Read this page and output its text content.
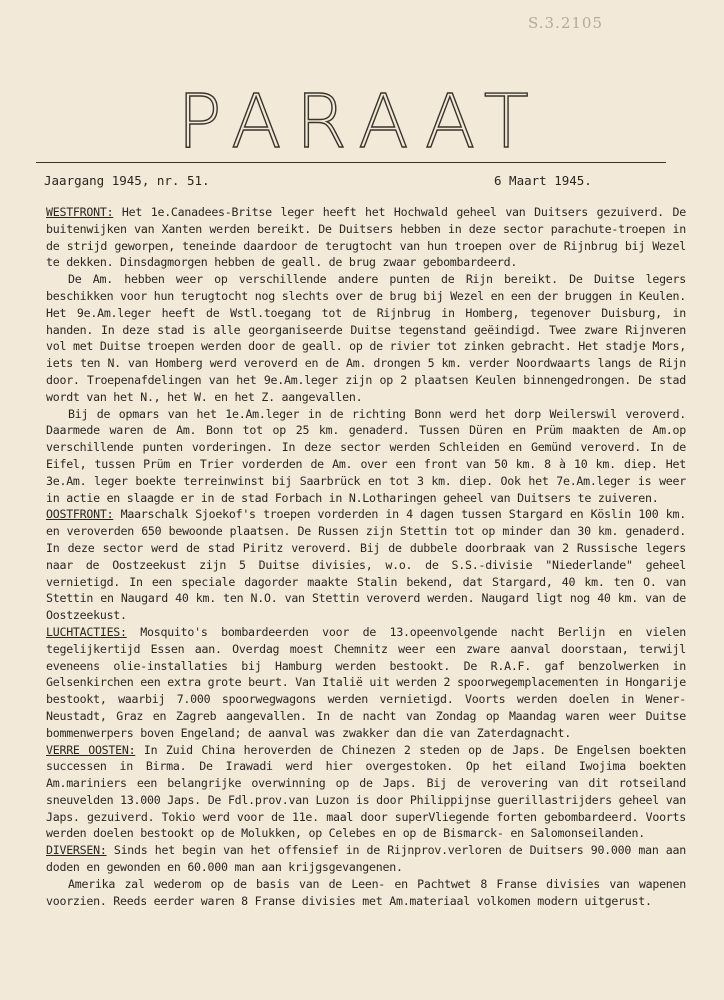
S.3.2105
PARAAT
Jaargang 1945, nr. 51.	6 Maart 1945.

WESTFRONT: Het 1e.Canadees-Britse leger heeft het Hochwald geheel van Duitsers gezuiverd. De buitenwijken van Xanten werden bereikt. De Duitsers hebben in deze sector parachute-troepen in de strijd geworpen, teneinde daardoor de terugtocht van hun troepen over de Rijnbrug bij Wezel te dekken. Dinsdagmorgen hebben de geall. de brug zwaar gebombardeerd.

De Am. hebben weer op verschillende andere punten de Rijn bereikt. De Duitse legers beschikken voor hun terugtocht nog slechts over de brug bij Wezel en een der bruggen in Keulen. Het 9e.Am.leger heeft de Wstl.toegang tot de Rijnbrug in Homberg, tegenover Duisburg, in handen. In deze stad is alle georganiseerde Duitse tegenstand geëindigd. Twee zware Rijnveren vol met Duitse troepen werden door de geall. op de rivier tot zinken gebracht. Het stadje Mors, iets ten N. van Homberg werd veroverd en de Am. drongen 5 km. verder Noordwaarts langs de Rijn door. Troepenafdelingen van het 9e.Am.leger zijn op 2 plaatsen Keulen binnengedrongen. De stad wordt van het N., het W. en het Z. aangevallen.

Bij de opmars van het 1e.Am.leger in de richting Bonn werd het dorp Weilerswil veroverd. Daarmede waren de Am. Bonn tot op 25 km. genaderd. Tussen Düren en Prüm maakten de Am.op verschillende punten vorderingen. In deze sector werden Schleiden en Gemünd veroverd. In de Eifel, tussen Prüm en Trier vorderden de Am. over een front van 50 km. 8 à 10 km. diep. Het 3e.Am. leger boekte terreinwinst bij Saarbrück en tot 3 km. diep. Ook het 7e.Am.leger is weer in actie en slaagde er in de stad Forbach in N.Lotharingen geheel van Duitsers te zuiveren.

OOSTFRONT: Maarschalk Sjoekof's troepen vorderden in 4 dagen tussen Stargard en Köslin 100 km. en veroverden 650 bewoonde plaatsen. De Russen zijn Stettin tot op minder dan 30 km. genaderd. In deze sector werd de stad Piritz veroverd. Bij de dubbele doorbraak van 2 Russische legers naar de Oostzeekust zijn 5 Duitse divisies, w.o. de S.S.-divisie "Niederlande" geheel vernietigd. In een speciale dagorder maakte Stalin bekend, dat Stargard, 40 km. ten O. van Stettin en Naugard 40 km. ten N.O. van Stettin veroverd werden. Naugard ligt nog 40 km. van de Oostzeekust.

LUCHTACTIES: Mosquito's bombardeerden voor de 13.opeenvolgende nacht Berlijn en vielen tegelijkertijd Essen aan. Overdag moest Chemnitz weer een zware aanval doorstaan, terwijl eveneens olie-installaties bij Hamburg werden bestookt. De R.A.F. gaf benzolwerken in Gelsenkirchen een extra grote beurt. Van Italië uit werden 2 spoorwegemplacementen in Hongarije bestookt, waarbij 7.000 spoorwegwagons werden vernietigd. Voorts werden doelen in Wener-Neustadt, Graz en Zagreb aangevallen. In de nacht van Zondag op Maandag waren weer Duitse bommenwerpers boven Engeland; de aanval was zwakker dan die van Zaterdagnacht.

VERRE OOSTEN: In Zuid China heroverden de Chinezen 2 steden op de Japs. De Engelsen boekten successen in Birma. De Irawadi werd hier overgestoken. Op het eiland Iwojima boekten Am.mariniers een belangrijke overwinning op de Japs. Bij de verovering van dit rotseiland sneuvelden 13.000 Japs. De Fdl.prov.van Luzon is door Philippijnse guerillastrijders geheel van Japs. gezuiverd. Tokio werd voor de 11e. maal door superVliegende forten gebombardeerd. Voorts werden doelen bestookt op de Molukken, op Celebes en op de Bismarck- en Salomonseilanden.

DIVERSEN: Sinds het begin van het offensief in de Rijnprov.verloren de Duitsers 90.000 man aan doden en gewonden en 60.000 man aan krijgsgevangenen.

Amerika zal wederom op de basis van de Leen- en Pachtwet 8 Franse divisies van wapenen voorzien. Reeds eerder waren 8 Franse divisies met Am.materiaal volkomen modern uitgerust.
